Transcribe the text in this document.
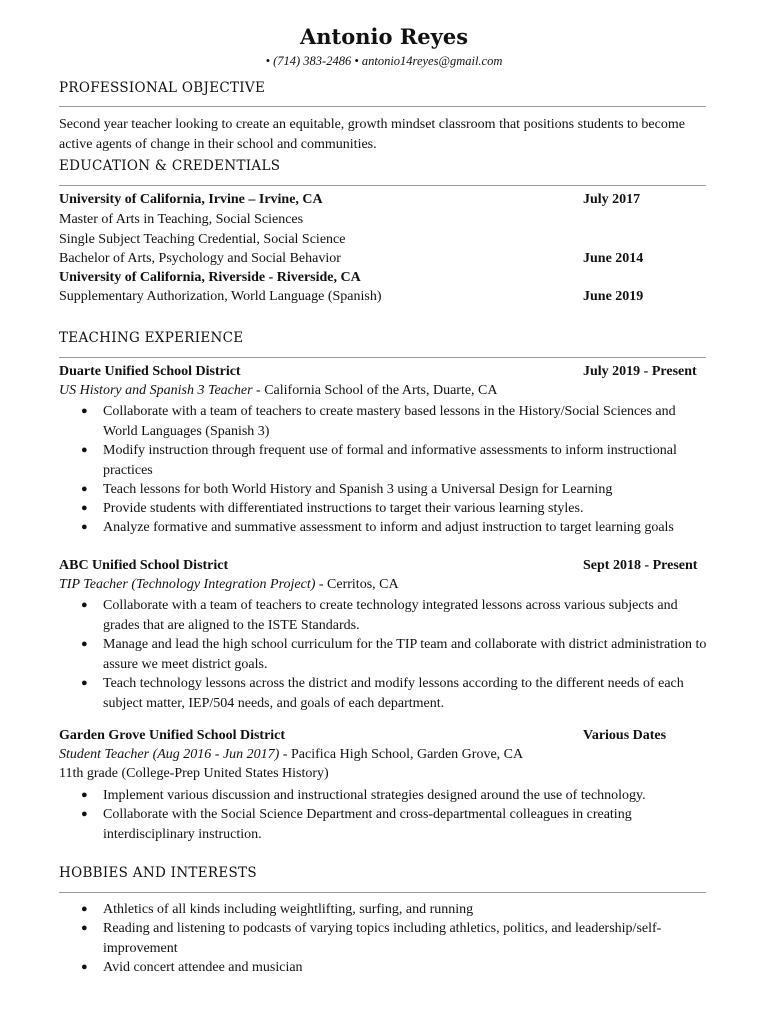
Antonio Reyes
• (714) 383-2486 • antonio14reyes@gmail.com
PROFESSIONAL OBJECTIVE
Second year teacher looking to create an equitable, growth mindset classroom that positions students to become active agents of change in their school and communities.
EDUCATION & CREDENTIALS
University of California, Irvine – Irvine, CA	July 2017
Master of Arts in Teaching, Social Sciences
Single Subject Teaching Credential, Social Science
Bachelor of Arts, Psychology and Social Behavior	June 2014
University of California, Riverside - Riverside, CA
Supplementary Authorization, World Language (Spanish)	June 2019
TEACHING EXPERIENCE
Duarte Unified School District	July 2019 - Present
US History and Spanish 3 Teacher - California School of the Arts, Duarte, CA
● Collaborate with a team of teachers to create mastery based lessons in the History/Social Sciences and World Languages (Spanish 3)
● Modify instruction through frequent use of formal and informative assessments to inform instructional practices
● Teach lessons for both World History and Spanish 3 using a Universal Design for Learning
● Provide students with differentiated instructions to target their various learning styles.
● Analyze formative and summative assessment to inform and adjust instruction to target learning goals
ABC Unified School District	Sept 2018 - Present
TIP Teacher (Technology Integration Project) - Cerritos, CA
● Collaborate with a team of teachers to create technology integrated lessons across various subjects and grades that are aligned to the ISTE Standards.
● Manage and lead the high school curriculum for the TIP team and collaborate with district administration to assure we meet district goals.
● Teach technology lessons across the district and modify lessons according to the different needs of each subject matter, IEP/504 needs, and goals of each department.
Garden Grove Unified School District	Various Dates
Student Teacher (Aug 2016 - Jun 2017) - Pacifica High School, Garden Grove, CA
11th grade (College-Prep United States History)
● Implement various discussion and instructional strategies designed around the use of technology.
● Collaborate with the Social Science Department and cross-departmental colleagues in creating interdisciplinary instruction.
HOBBIES AND INTERESTS
● Athletics of all kinds including weightlifting, surfing, and running
● Reading and listening to podcasts of varying topics including athletics, politics, and leadership/self-improvement
● Avid concert attendee and musician
